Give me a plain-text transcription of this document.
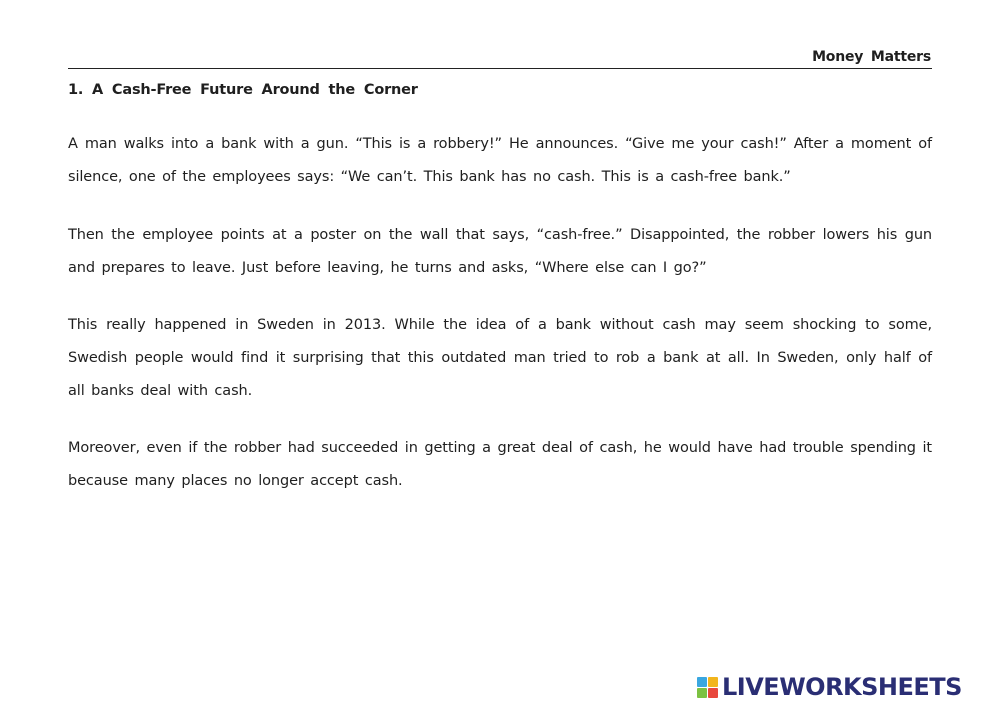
Money Matters
1. A Cash-Free Future Around the Corner

A man walks into a bank with a gun. “This is a robbery!” He announces. “Give me your cash!” After a moment of silence, one of the employees says: “We can’t. This bank has no cash. This is a cash-free bank.”

Then the employee points at a poster on the wall that says, “cash-free.” Disappointed, the robber lowers his gun and prepares to leave. Just before leaving, he turns and asks, “Where else can I go?”

This really happened in Sweden in 2013. While the idea of a bank without cash may seem shocking to some, Swedish people would find it surprising that this outdated man tried to rob a bank at all. In Sweden, only half of all banks deal with cash.

Moreover, even if the robber had succeeded in getting a great deal of cash, he would have had trouble spending it because many places no longer accept cash.

LIVEWORKSHEETS
